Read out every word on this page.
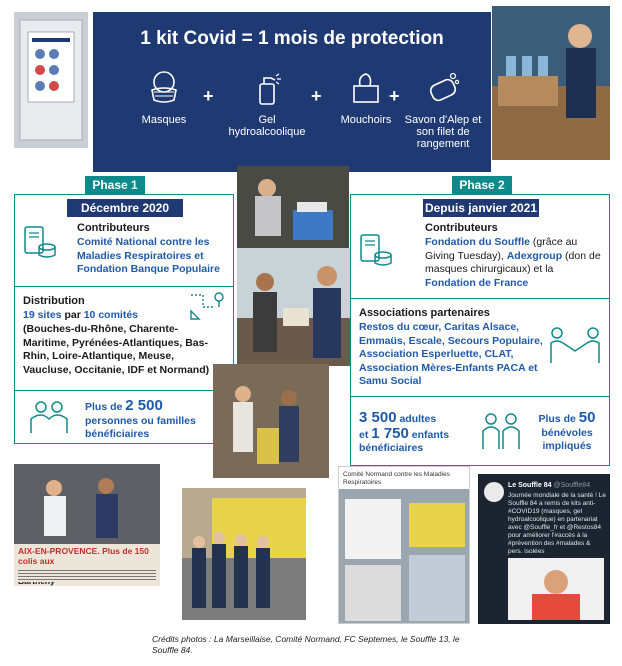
1 kit Covid = 1 mois de protection
Masques
+
Gel hydroalcoolique
+
Mouchoirs
+
Savon d'Alep et son filet de rangement
Phase 1
Décembre 2020
Contributeurs
Comité National contre les Maladies Respiratoires et Fondation Banque Populaire
Distribution
19 sites par 10 comités
(Bouches-du-Rhône, Charente-Maritime, Pyrénées-Atlantiques, Bas-Rhin, Loire-Atlantique, Meuse, Vaucluse, Occitanie, IDF et Normand)
Plus de 2 500
personnes ou familles bénéficiaires
Phase 2
Depuis janvier 2021
Contributeurs
Fondation du Souffle (grâce au Giving Tuesday), Adexgroup (don de masques chirurgicaux) et la Fondation de France
Associations partenaires
Restos du cœur, Caritas Alsace, Emmaüs, Escale, Secours Populaire, Association Esperluette, CLAT, Association Mères-Enfants PACA et Samu Social
3 500 adultes
et 1 750 enfants
bénéficiaires
Plus de 50
bénévoles impliqués
AIX-EN-PROVENCE. Plus de 150 colis aux

Comité Normand contre les Maladies Respiratoires	Le Souffle 84 @Souffle84
Journée mondiale de la santé ! Le Souffle 84 a remis de kits anti-#COVID19 (masques, gel hydroalcoolique) en partenariat avec @Souffle_fr et @Restos84 pour améliorer l'#accès à la #prévention des #malades & pers. isolées
Crédits photos : La Marseillaise, Comité Normand, FC Septemes, le Souffle 13, le Souffle 84.
